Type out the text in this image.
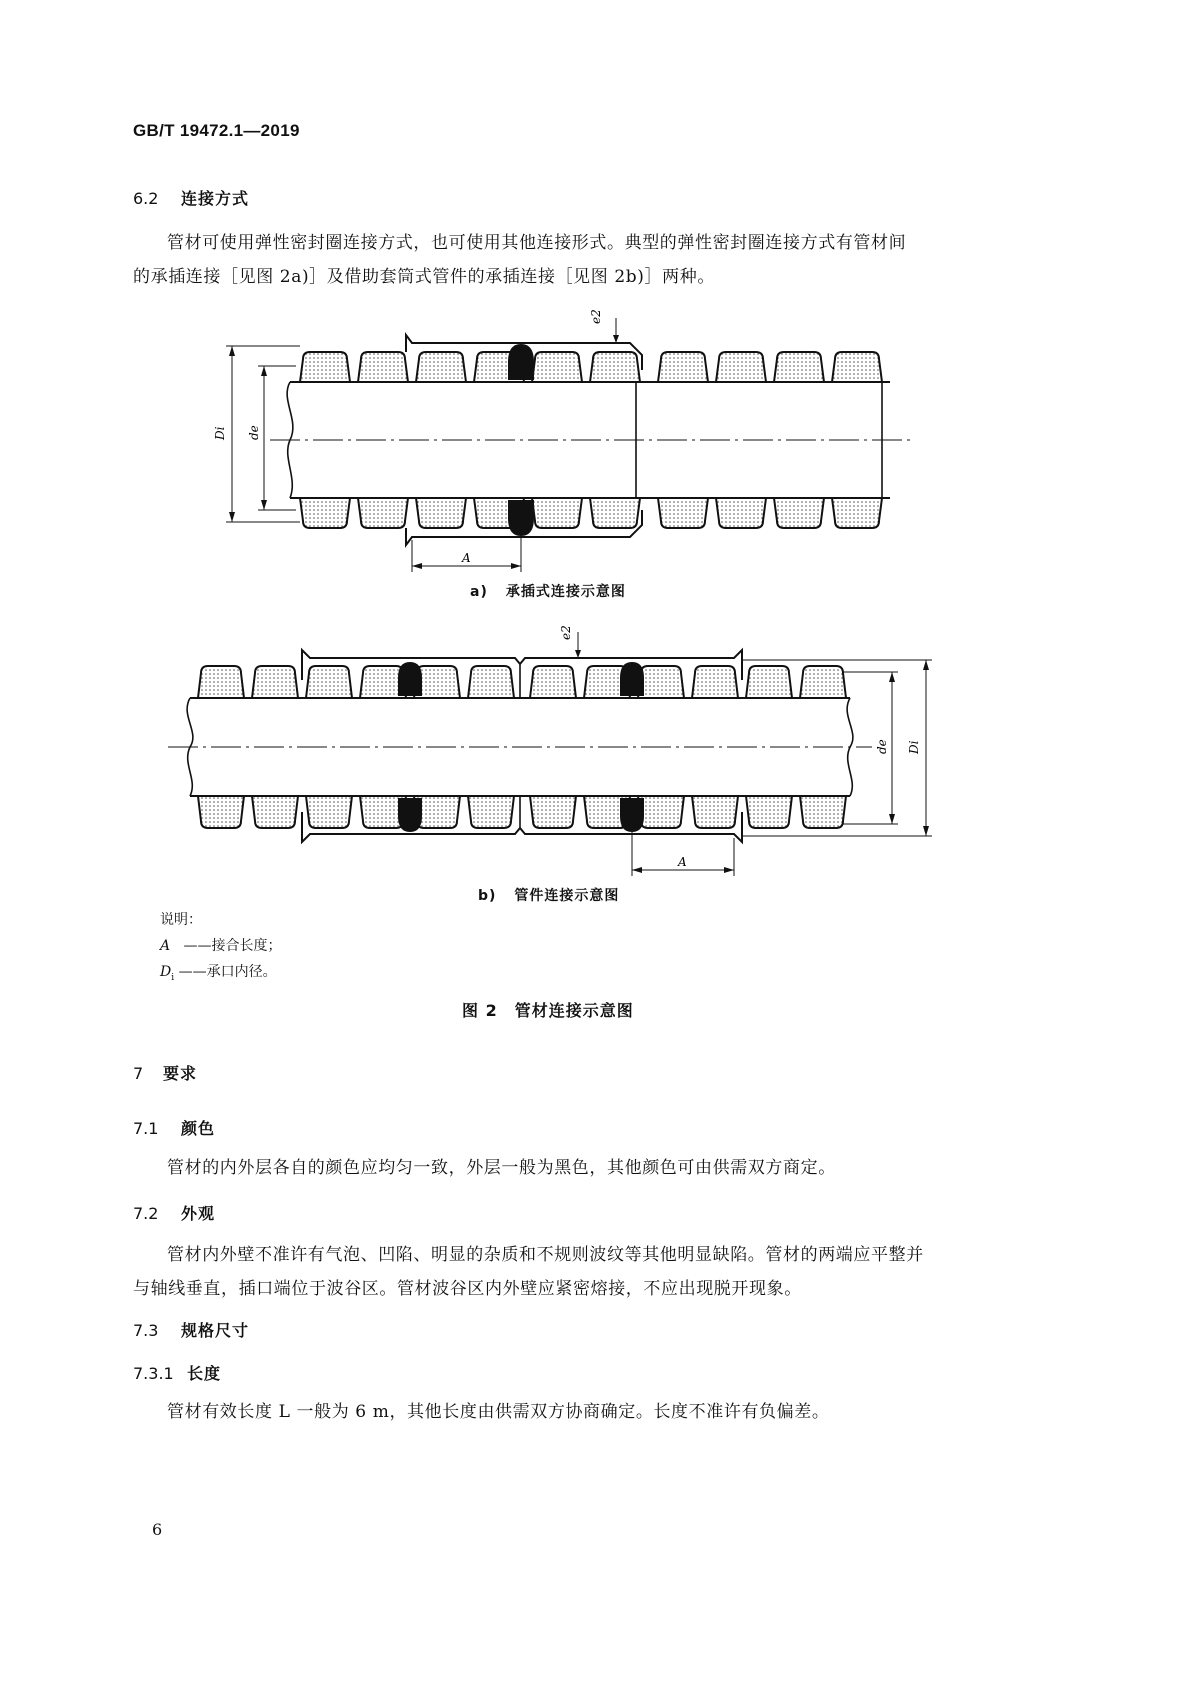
GB/T 19472.1—2019
6.2 连接方式
管材可使用弹性密封圈连接方式，也可使用其他连接形式。典型的弹性密封圈连接方式有管材间
的承插连接［见图 2a)］及借助套筒式管件的承插连接［见图 2b)］两种。
Di de
e2
A
a) 承插式连接示意图
de Di
e2
A
b) 管件连接示意图
说明：
A ——接合长度；
$D_i$ ——承口内径。
图 2　管材连接示意图
7 要求
7.1 颜色
管材的内外层各自的颜色应均匀一致，外层一般为黑色，其他颜色可由供需双方商定。
7.2 外观
管材内外壁不准许有气泡、凹陷、明显的杂质和不规则波纹等其他明显缺陷。管材的两端应平整并
与轴线垂直，插口端位于波谷区。管材波谷区内外壁应紧密熔接，不应出现脱开现象。
7.3 规格尺寸
7.3.1 长度
管材有效长度 L 一般为 6 m，其他长度由供需双方协商确定。长度不准许有负偏差。
6
